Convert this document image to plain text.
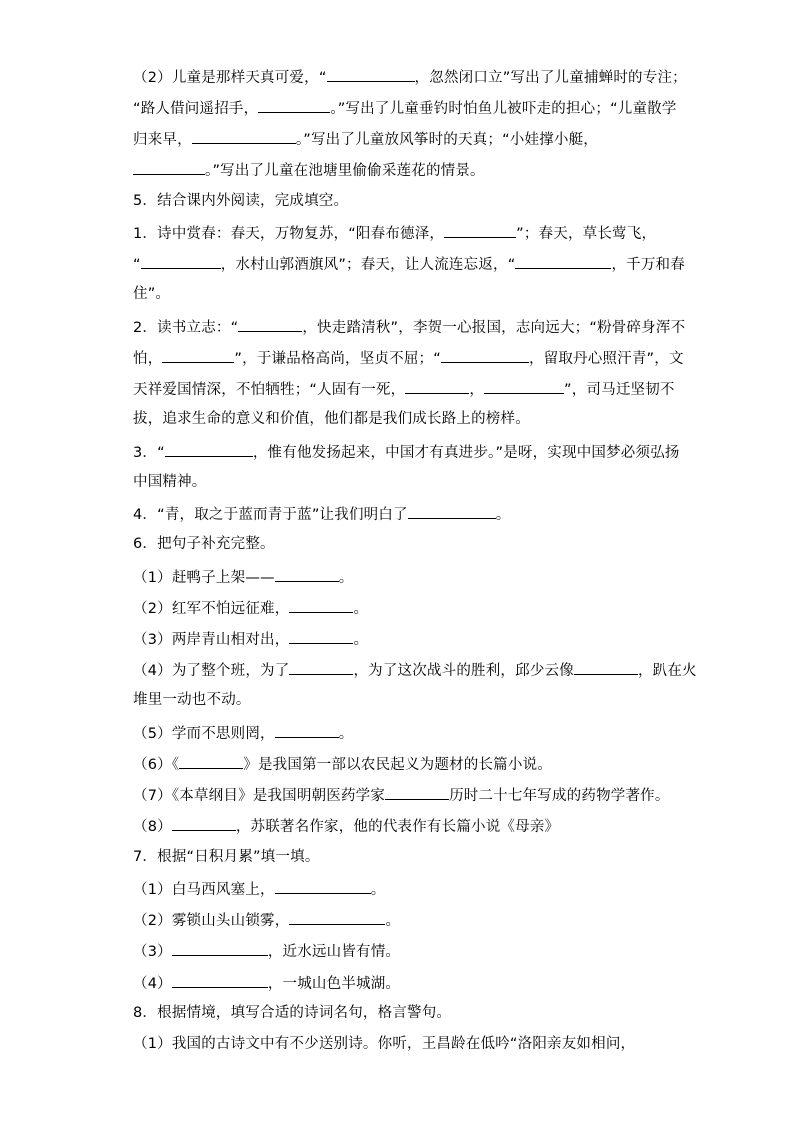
（2）儿童是那样天真可爱，“	，忽然闭口立”写出了儿童捕蝉时的专注；
“路人借问遥招手，	。”写出了儿童垂钓时怕鱼儿被吓走的担心；“儿童散学
归来早，	。”写出了儿童放风筝时的天真；“小娃撑小艇，
。”写出了儿童在池塘里偷偷采莲花的情景。
5．结合课内外阅读，完成填空。
1．诗中赏春：春天，万物复苏，“阳春布德泽，	”；春天，草长莺飞，
“	，水村山郭酒旗风”；春天，让人流连忘返，“	，千万和春
住”。
2．读书立志：“	，快走踏清秋”，李贺一心报国，志向远大；“粉骨碎身浑不
怕，	”，于谦品格高尚，坚贞不屈；“	，留取丹心照汗青”，文
天祥爱国情深，不怕牺牲；“人固有一死，	，	”，司马迁坚韧不
拔，追求生命的意义和价值，他们都是我们成长路上的榜样。
3．“	，惟有他发扬起来，中国才有真进步。”是呀，实现中国梦必须弘扬
中国精神。
4．“青，取之于蓝而青于蓝”让我们明白了	。
6．把句子补充完整。
（1）赶鸭子上架——	。
（2）红军不怕远征难，	。
（3）两岸青山相对出，	。
（4）为了整个班，为了	，为了这次战斗的胜利，邱少云像	，趴在火
堆里一动也不动。
（5）学而不思则罔，	。
（6）《	》是我国第一部以农民起义为题材的长篇小说。
（7）《本草纲目》是我国明朝医药学家	历时二十七年写成的药物学著作。
（8）	，苏联著名作家，他的代表作有长篇小说《母亲》
7．根据“日积月累”填一填。
（1）白马西风塞上，	。
（2）雾锁山头山锁雾，	。
（3）	，近水远山皆有情。
（4）	，一城山色半城湖。
8．根据情境，填写合适的诗词名句，格言警句。
（1）我国的古诗文中有不少送别诗。你听，王昌龄在低吟“洛阳亲友如相问，
